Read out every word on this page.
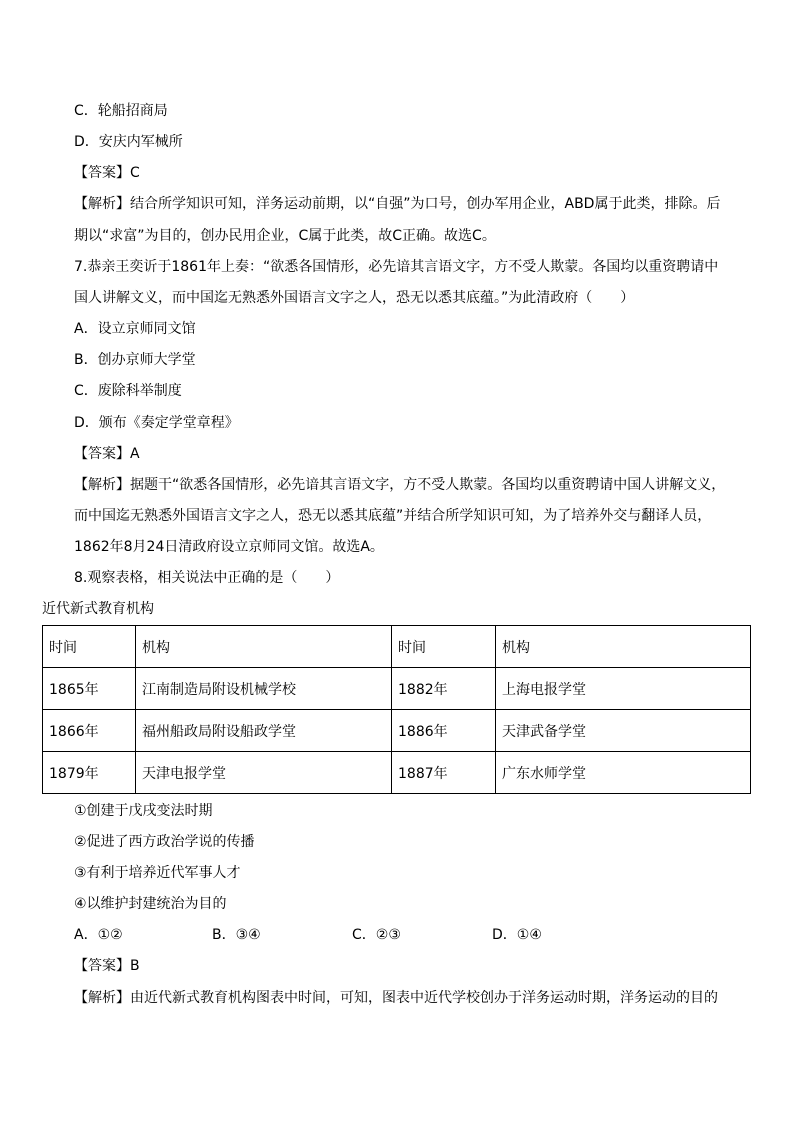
C．轮船招商局
D．安庆内军械所
【答案】C
【解析】结合所学知识可知，洋务运动前期，以“自强”为口号，创办军用企业，ABD属于此类，排除。后
期以“求富”为目的，创办民用企业，C属于此类，故C正确。故选C。
7.恭亲王奕䜣于1861年上奏：“欲悉各国情形，必先谙其言语文字，方不受人欺蒙。各国均以重资聘请中
国人讲解文义，而中国迄无熟悉外国语言文字之人，恐无以悉其底蕴。”为此清政府（　　）
A．设立京师同文馆
B．创办京师大学堂
C．废除科举制度
D．颁布《奏定学堂章程》
【答案】A
【解析】据题干“欲悉各国情形，必先谙其言语文字，方不受人欺蒙。各国均以重资聘请中国人讲解文义，
而中国迄无熟悉外国语言文字之人，恐无以悉其底蕴”并结合所学知识可知，为了培养外交与翻译人员，
1862年8月24日清政府设立京师同文馆。故选A。
8.观察表格，相关说法中正确的是（　　）
近代新式教育机构
时间	机构	时间	机构
1865年	江南制造局附设机械学校	1882年	上海电报学堂
1866年	福州船政局附设船政学堂	1886年	天津武备学堂
1879年	天津电报学堂	1887年	广东水师学堂
①创建于戊戌变法时期
②促进了西方政治学说的传播
③有利于培养近代军事人才
④以维护封建统治为目的
A．①②	B．③④	C．②③	D．①④
【答案】B
【解析】由近代新式教育机构图表中时间，可知，图表中近代学校创办于洋务运动时期，洋务运动的目的
